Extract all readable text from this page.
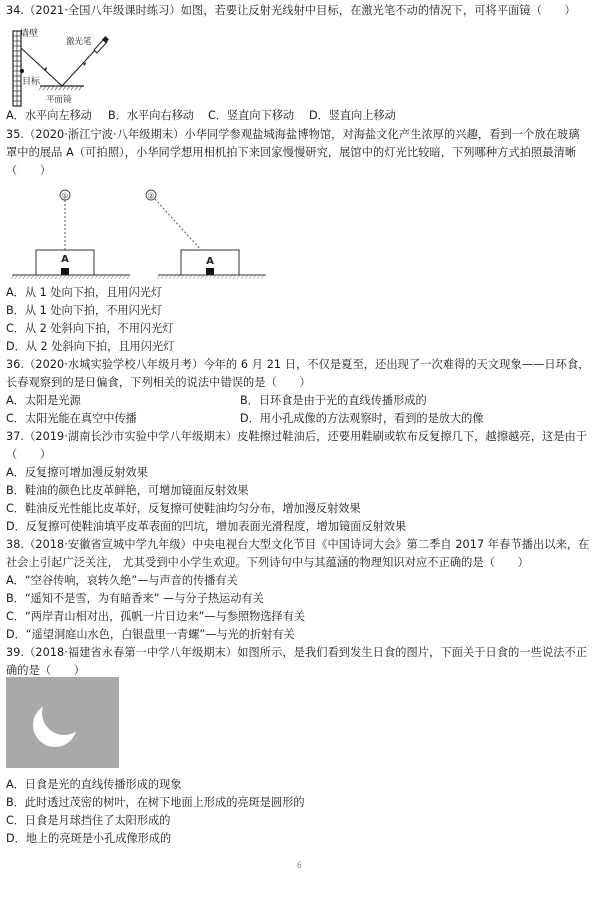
34.（2021·全国八年级课时练习）如图，若要让反射光线射中目标，在激光笔不动的情况下，可将平面镜（　　）
墙壁
激光笔
目标
平面镜
A．水平向左移动 B．水平向右移动 C．竖直向下移动 D．竖直向上移动
35.（2020·浙江宁波·八年级期末）小华同学参观盐城海盐博物馆，对海盐文化产生浓厚的兴趣，看到一个放在玻璃
罩中的展品 A（可拍照），小华同学想用相机拍下来回家慢慢研究，展馆中的灯光比较暗，下列哪种方式拍照最清晰
（　　）
①
A
②
A
A．从 1 处向下拍，且用闪光灯
B．从 1 处向下拍，不用闪光灯
C．从 2 处斜向下拍，不用闪光灯
D．从 2 处斜向下拍，且用闪光灯
36.（2020·水城实验学校八年级月考）今年的 6 月 21 日，不仅是夏至，还出现了一次难得的天文现象——日环食，
长春观察到的是日偏食，下列相关的说法中错误的是（　　）
A．太阳是光源	B．日环食是由于光的直线传播形成的
C．太阳光能在真空中传播	D．用小孔成像的方法观察时，看到的是放大的像
37.（2019·湖南长沙市实验中学八年级期末）皮鞋擦过鞋油后，还要用鞋刷或软布反复擦几下，越擦越亮，这是由于
（　　）
A．反复擦可增加漫反射效果
B．鞋油的颜色比皮革鲜艳，可增加镜面反射效果
C．鞋油反光性能比皮革好，反复擦可使鞋油均匀分布，增加漫反射效果
D．反复擦可使鞋油填平皮革表面的凹坑，增加表面光滑程度，增加镜面反射效果
38.（2018·安徽省宣城中学九年级）中央电视台大型文化节目《中国诗词大会》第二季自 2017 年春节播出以来，在
社会上引起广泛关注， 尤其受到中小学生欢迎。下列诗句中与其蕴涵的物理知识对应不正确的是（　　）
A．“空谷传响，哀转久绝”—与声音的传播有关
B．“遥知不是雪，为有暗香来” —与分子热运动有关
C．“两岸青山相对出，孤帆一片日边来”—与参照物选择有关
D．“遥望洞庭山水色，白银盘里一青螺”—与光的折射有关
39.（2018·福建省永春第一中学八年级期末）如图所示，是我们看到发生日食的图片，下面关于日食的一些说法不正
确的是（　　）
A．日食是光的直线传播形成的现象
B．此时透过茂密的树叶，在树下地面上形成的亮斑是圆形的
C．日食是月球挡住了太阳形成的
D．地上的亮斑是小孔成像形成的
6
